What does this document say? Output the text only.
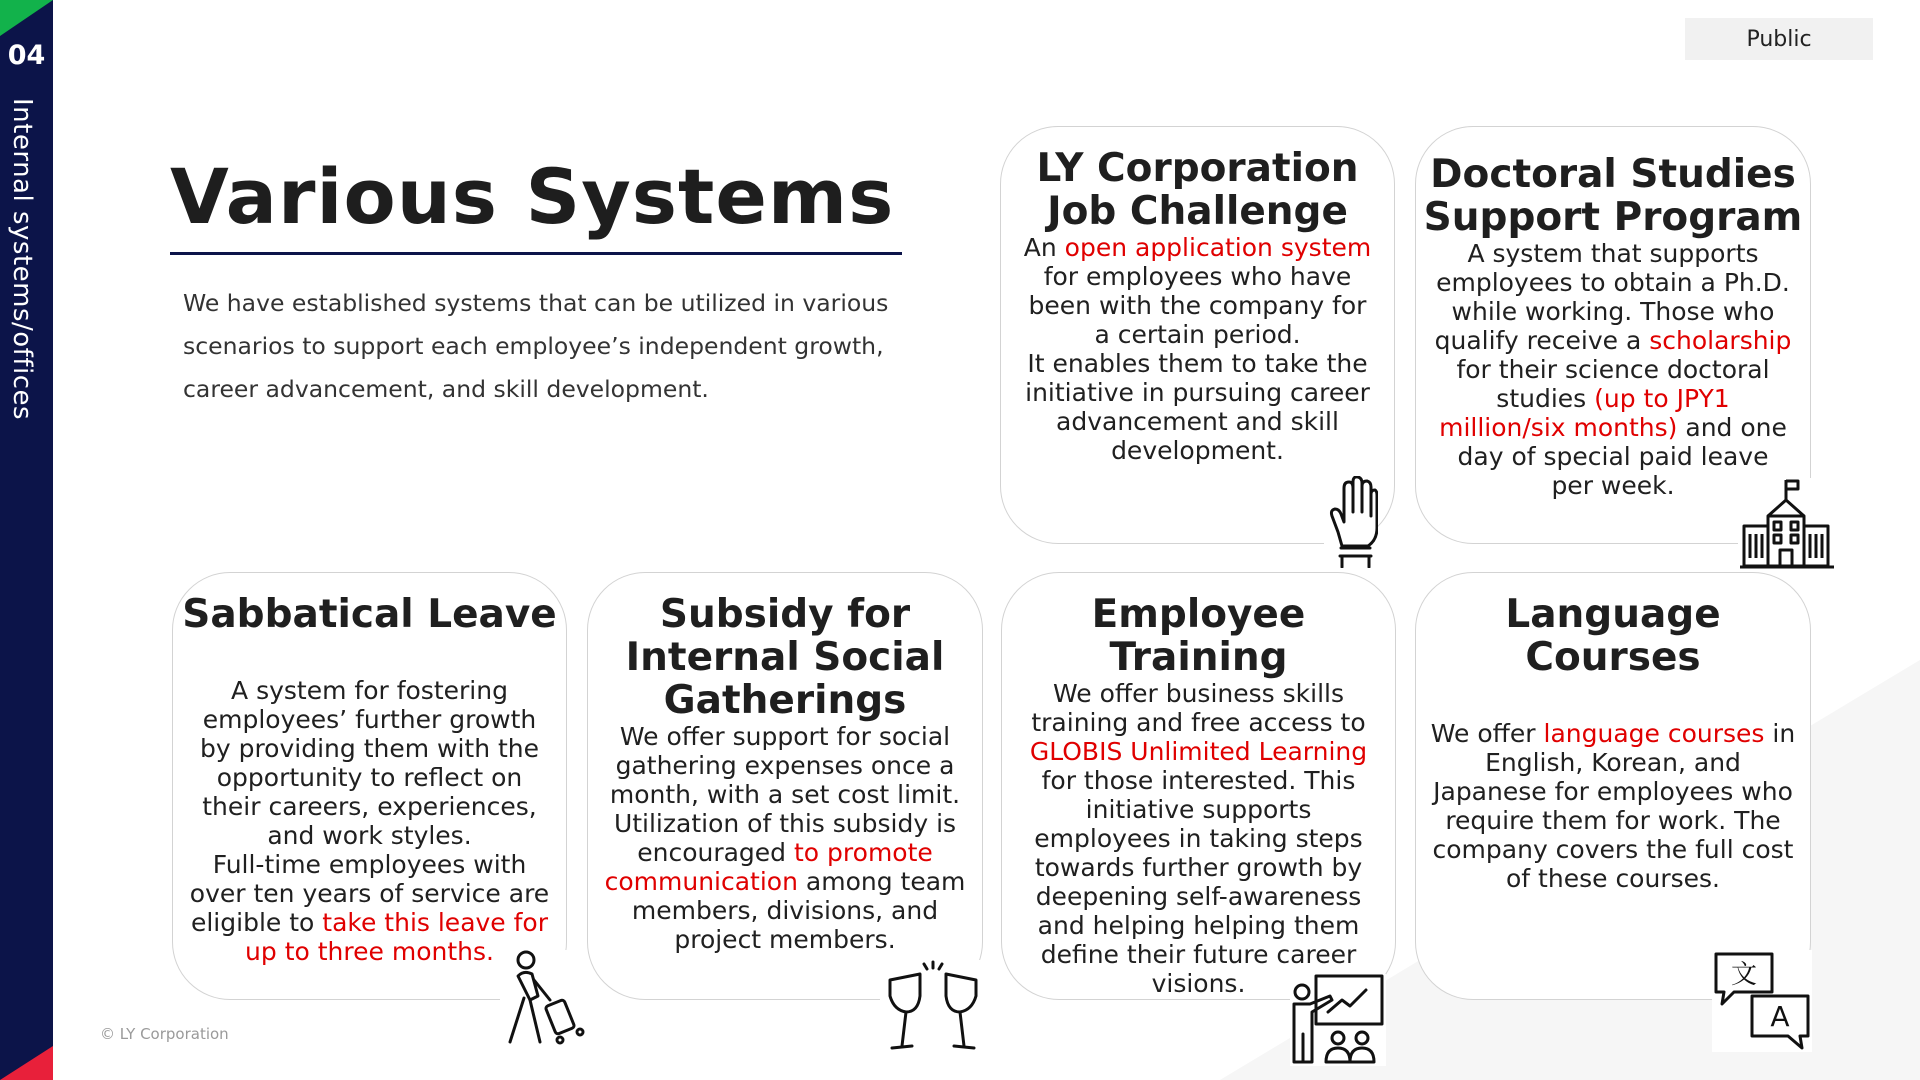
04
Internal systems/offices
Public
Various Systems

We have established systems that can be utilized in various scenarios to support each employee’s independent growth, career advancement, and skill development.

LY Corporation
Job Challenge

An open application system for employees who have been with the company for a certain period.
It enables them to take the initiative in pursuing career advancement and skill development.

Doctoral Studies
Support Program

A system that supports employees to obtain a Ph.D. while working. Those who qualify receive a scholarship for their science doctoral studies (up to JPY1 million/six months) and one day of special paid leave per week.

Sabbatical Leave

A system for fostering employees’ further growth by providing them with the opportunity to reflect on their careers, experiences, and work styles.
Full-time employees with over ten years of service are eligible to take this leave for up to three months.

Subsidy for
Internal Social
Gatherings

We offer support for social gathering expenses once a month, with a set cost limit. Utilization of this subsidy is encouraged to promote communication among team members, divisions, and project members.

Employee
Training

We offer business skills training and free access to GLOBIS Unlimited Learning for those interested. This initiative supports employees in taking steps towards further growth by deepening self-awareness and helping helping them define their future career visions.

Language
Courses

We offer language courses in English, Korean, and Japanese for employees who require them for work. The company covers the full cost of these courses.

文
A
© LY Corporation
